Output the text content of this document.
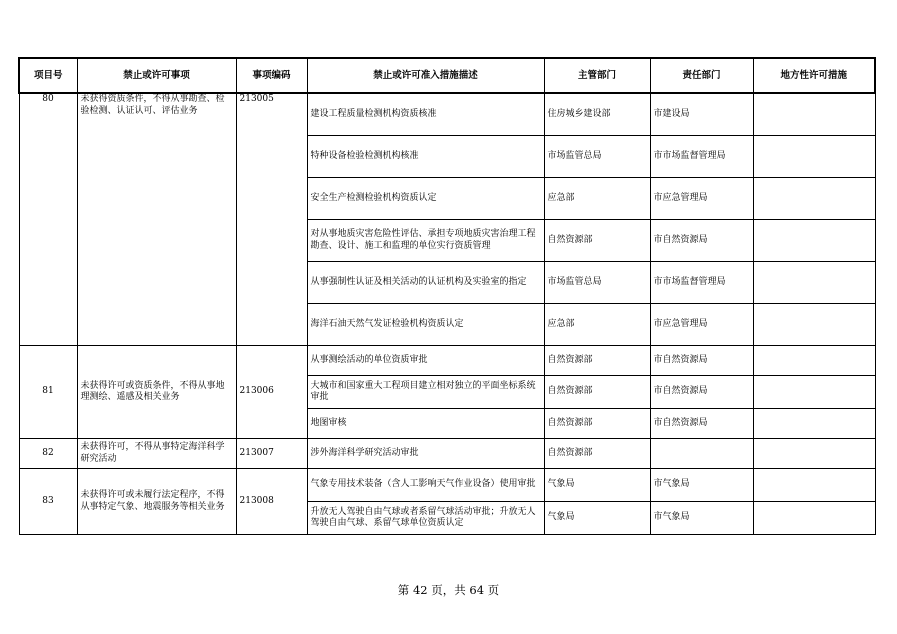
项目号	禁止或许可事项	事项编码	禁止或许可准入措施描述	主管部门	责任部门	地方性许可措施
80	未获得资质条件，不得从事勘查、检验检测、认证认可、评估业务	213005	建设工程质量检测机构资质核准	住房城乡建设部	市建设局	
			特种设备检验检测机构核准	市场监管总局	市市场监督管理局	
			安全生产检测检验机构资质认定	应急部	市应急管理局	
			对从事地质灾害危险性评估、承担专项地质灾害治理工程勘查、设计、施工和监理的单位实行资质管理	自然资源部	市自然资源局	
			从事强制性认证及相关活动的认证机构及实验室的指定	市场监管总局	市市场监督管理局	
			海洋石油天然气发证检验机构资质认定	应急部	市应急管理局	
81	未获得许可或资质条件，不得从事地理测绘、遥感及相关业务	213006	从事测绘活动的单位资质审批	自然资源部	市自然资源局	
			大城市和国家重大工程项目建立相对独立的平面坐标系统审批	自然资源部	市自然资源局	
			地图审核	自然资源部	市自然资源局	
82	未获得许可，不得从事特定海洋科学研究活动	213007	涉外海洋科学研究活动审批	自然资源部		
83	未获得许可或未履行法定程序，不得从事特定气象、地震服务等相关业务	213008	气象专用技术装备（含人工影响天气作业设备）使用审批	气象局	市气象局	
			升放无人驾驶自由气球或者系留气球活动审批；升放无人驾驶自由气球、系留气球单位资质认定	气象局	市气象局	
第 42 页，共 64 页
